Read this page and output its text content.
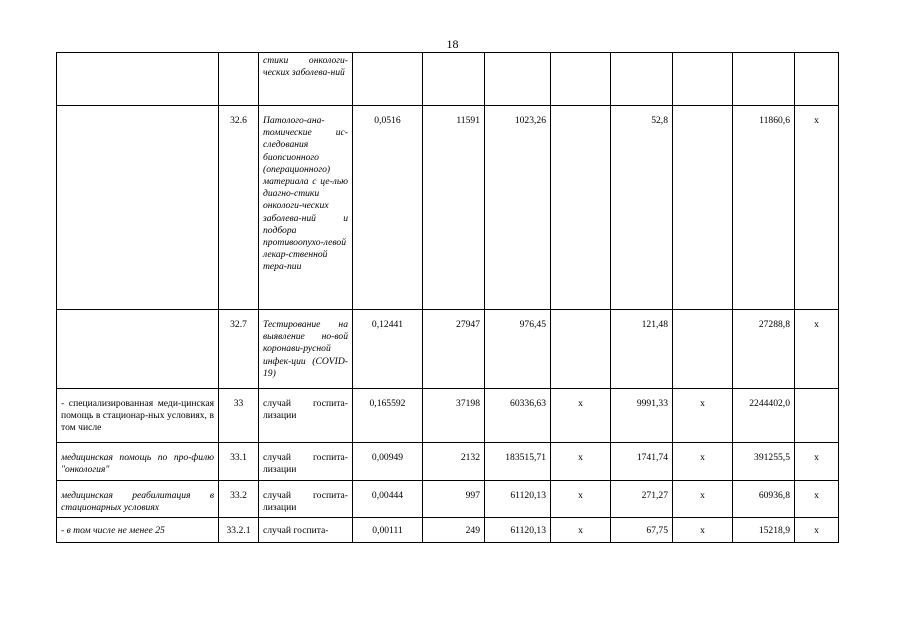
18
		стики онкологи-ческих заболева-ний								
	32.6	Патолого-ана-томические ис-следования биопсионного (операционного) материала с це-лью диагно-стики онкологи-ческих заболева-ний и подбора противоопухо-левой лекар-ственной тера-пии	0,0516	11591	1023,26		52,8		11860,6	х
	32.7	Тестирование на выявление но-вой коронави-русной инфек-ции (COVID-19)	0,12441	27947	976,45		121,48		27288,8	х
- специализированная меди-цинская помощь в стационар-ных условиях, в том числе	33	случай госпита-лизации	0,165592	37198	60336,63	х	9991,33	х	2244402,0	
медицинская помощь по про-филю "онкология"	33.1	случай госпита-лизации	0,00949	2132	183515,71	х	1741,74	х	391255,5	х
медицинская реабилитация в стационарных условиях	33.2	случай госпита-лизации	0,00444	997	61120,13	х	271,27	х	60936,8	х
- в том числе не менее 25	33.2.1	случай госпита-	0,00111	249	61120,13	х	67,75	х	15218,9	х
